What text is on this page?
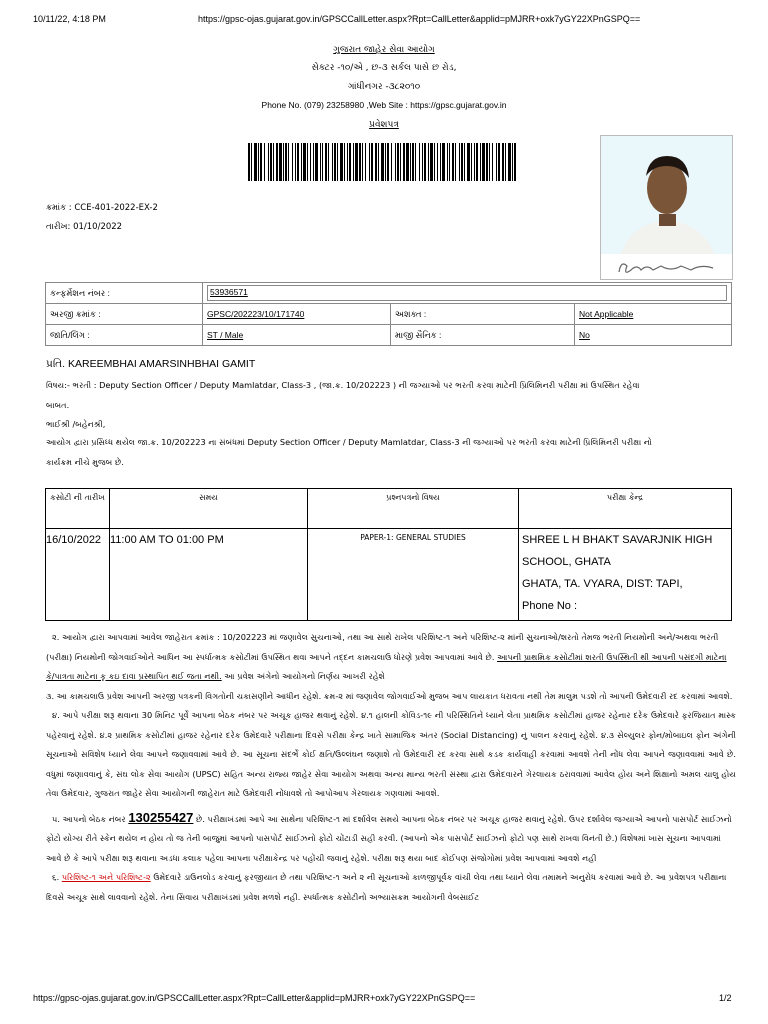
10/11/22, 4:18 PM	https://gpsc-ojas.gujarat.gov.in/GPSCCallLetter.aspx?Rpt=CallLetter&applid=pMJRR+oxk7yGY22XPnGSPQ==
ગુજરાત જાહેર સેવા આયોગ
સેક્ટર -૧૦/એ , છ-૩ સર્કલ પાસે છ રોડ,
ગાંધીનગર -૩૮૨૦૧૦
Phone No. (079) 23258980 ,Web Site : https://gpsc.gujarat.gov.in
પ્રવેશપત્ર
ક્રમાંક : CCE-401-2022-EX-2
તારીખ: 01/10/2022
કન્ફર્મેશન નંબર :	53936571		
અરજી ક્રમાંક :	GPSC/202223/10/171740	અશક્ત :	Not Applicable
જાતિ/લિંગ :	ST / Male	માજી સૈનિક :	No
પ્રતિ. KAREEMBHAI AMARSINHBHAI GAMIT
વિષય:- ભરતી : Deputy Section Officer / Deputy Mamlatdar, Class-3 , (જા.ક્ર. 10/202223 ) ની જગ્યાઓ પર ભરતી કરવા માટેની પ્રિલિમિનરી પરીક્ષા માં ઉપસ્થિત રહેવા
બાબત.
ભાઈશ્રી /બહેનશ્રી,
આયોગ દ્વારા પ્રસિધ્ધ થયેલ જા.ક્ર. 10/202223 ના સંબંધમાં Deputy Section Officer / Deputy Mamlatdar, Class-3 ની જગ્યાઓ પર ભરતી કરવા માટેની પ્રિલિમિનરી પરીક્ષા નો
કાર્યક્રમ નીચે મુજબ છે.
કસોટી ની તારીખ	સમય	પ્રશ્નપત્રનો વિષય	પરીક્ષા કેન્દ્ર
16/10/2022	11:00 AM TO 01:00 PM	PAPER-1: GENERAL STUDIES	SHREE L H BHAKT SAVARJNIK HIGH
SCHOOL, GHATA
GHATA, TA. VYARA, DIST: TAPI,
Phone No :

૨. આયોગ દ્વારા આપવામાં આવેલ જાહેરાત ક્રમાંક : 10/202223 માં જણાવેલ સુચનાઓ, તથા આ સાથે રાખેલ પરિશિષ્ટ-૧ અને પરિશિષ્ટ-૨ માંની સુચનાઓ/શરતો તેમજ ભરતી નિયમોની અને/અથવા ભરતી (પરીક્ષા) નિયમોની જોગવાઈઓને આધિન આ સ્પર્ધાત્મક કસોટીમાં ઉપસ્થિત થવા આપને તદ્દન કામચલાઉ ધોરણે પ્રવેશ આપવામાં આવે છે. આપની પ્રાથમિક કસોટીમાં શરતી ઉપસ્થિતી થી આપની પસંદગી માટેના કે/પાત્રતા માટેના કૃ કઇ દાવા પ્રસ્થાપિત થઈ જતા નથી. આ પ્રવેશ અંગેનો આયોગનો નિર્ણય આખરી રહેશે

૩. આ કામચલાઉ પ્રવેશ આપની અરજી પત્રકની વિગતોની ચકાસણીને આધીન રહેશે. ક્રમ-૨ માં જણાવેલ જોગવાઈઓ મુજબ આપ લાયકાત ધરાવતા નથી તેમ માલુમ પડશે તો આપની ઉમેદવારી રદ કરવામાં આવશે.

૪. આપે પરીક્ષા શરૂ થવાના 30 મિનિટ પૂર્વે આપના બેઠક નંબર પર અચૂક હાજર થવાનું રહેશે. ૪.૧ હાલની કોવિડ-૧૯ ની પરિસ્થિતિને ધ્યાને લેતા પ્રાથમિક કસોટીમાં હાજર રહેનાર દરેક ઉમેદવારે ફરજિયાત માસ્ક પહેરવાનું રહેશે. ૪.૨ પ્રાથમિક કસોટીમાં હાજર રહેનાર દરેક ઉમેદવારે પરીક્ષાના દિવસે પરીક્ષા કેન્દ્ર ખાતે સામાજિક અંતર (Social Distancing) નું પાલન કરવાનું રહેશે. ૪.૩ સેલ્યુલર ફોન/મોબાઇલ ફોન અંગેની સૂચનાઓ સવિશેષ ધ્યાને લેવા આપને જણાવવામાં આવે છે. આ સૂચના સંદર્ભે કોઈ ક્ષતિ/ઉલ્લંઘન જણાશે તો ઉમેદવારી રદ કરવા સાથે કડક કાર્યવાહી કરવામાં આવશે તેની નોંધ લેવા આપને જણાવવામાં આવે છે. વધુમાં જણાવવાનું કે, સંઘ લોક સેવા આયોગ (UPSC) સહિત અન્ય રાજ્ય જાહેર સેવા આયોગ અથવા અન્ય માન્ય ભરતી સંસ્થા દ્વારા ઉમેદવારને ગેરલાયક ઠરાવવામાં આવેલ હોય અને શિક્ષાનો અમલ ચાલુ હોય તેવા ઉમેદવાર, ગુજરાત જાહેર સેવા આયોગની જાહેરાત માટે ઉમેદવારી નોંધાવશે તો આપોઆપ ગેરલાયક ગણવામાં આવશે.

૫. આપનો બેઠક નંબર 130255427 છે. પરીક્ષાખંડમાં આપે આ સાથેના પરિશિષ્ટ-૧ માં દર્શાવેલ સમયે આપના બેઠક નંબર પર અચૂક હાજર થવાનું રહેશે. ઉપર દર્શાવેલ જગ્યાએ આપનો પાસપોર્ટ સાઈઝનો ફોટો યોગ્ય રીતે સ્કેન થયેલ ન હોય તો જ તેની બાજુમાં આપનો પાસપોર્ટ સાઈઝનો ફોટો ચોંટાડી સહી કરવી. (આપનો એક પાસપોર્ટ સાઈઝનો ફોટો પણ સાથે રાખવા વિનંતી છે.) વિશેષમાં ખાસ સૂચના આપવામાં આવે છે કે આપે પરીક્ષા શરૂ થવાના અડધા કલાક પહેલા આપના પરીક્ષાકેન્દ્ર પર પહોંચી જવાનું રહેશે. પરીક્ષા શરૂ થયા બાદ કોઈપણ સંજોગોમાં પ્રવેશ આપવામાં આવશે નહી

૬. પરિશિષ્ટ-૧ અને પરિશિષ્ટ-૨ ઉમેદવારે ડાઉનલોડ કરવાનું ફરજીયાત છે તથા પરિશિષ્ટ-૧ અને ૨ ની સૂચનાઓ કાળજીપૂર્વક વાંચી લેવા તથા ધ્યાને લેવા તમામને અનુરોધ કરવામાં આવે છે. આ પ્રવેશપત્ર પરીક્ષાના દિવસે અચૂક સાથે લાવવાનો રહેશે. તેના સિવાય પરીક્ષાખંડમાં પ્રવેશ મળશે નહી. સ્પર્ધાત્મક કસોટીનો અભ્યાસક્રમ આયોગની વેબસાઈટ

https://gpsc-ojas.gujarat.gov.in/GPSCCallLetter.aspx?Rpt=CallLetter&applid=pMJRR+oxk7yGY22XPnGSPQ==	1/2
